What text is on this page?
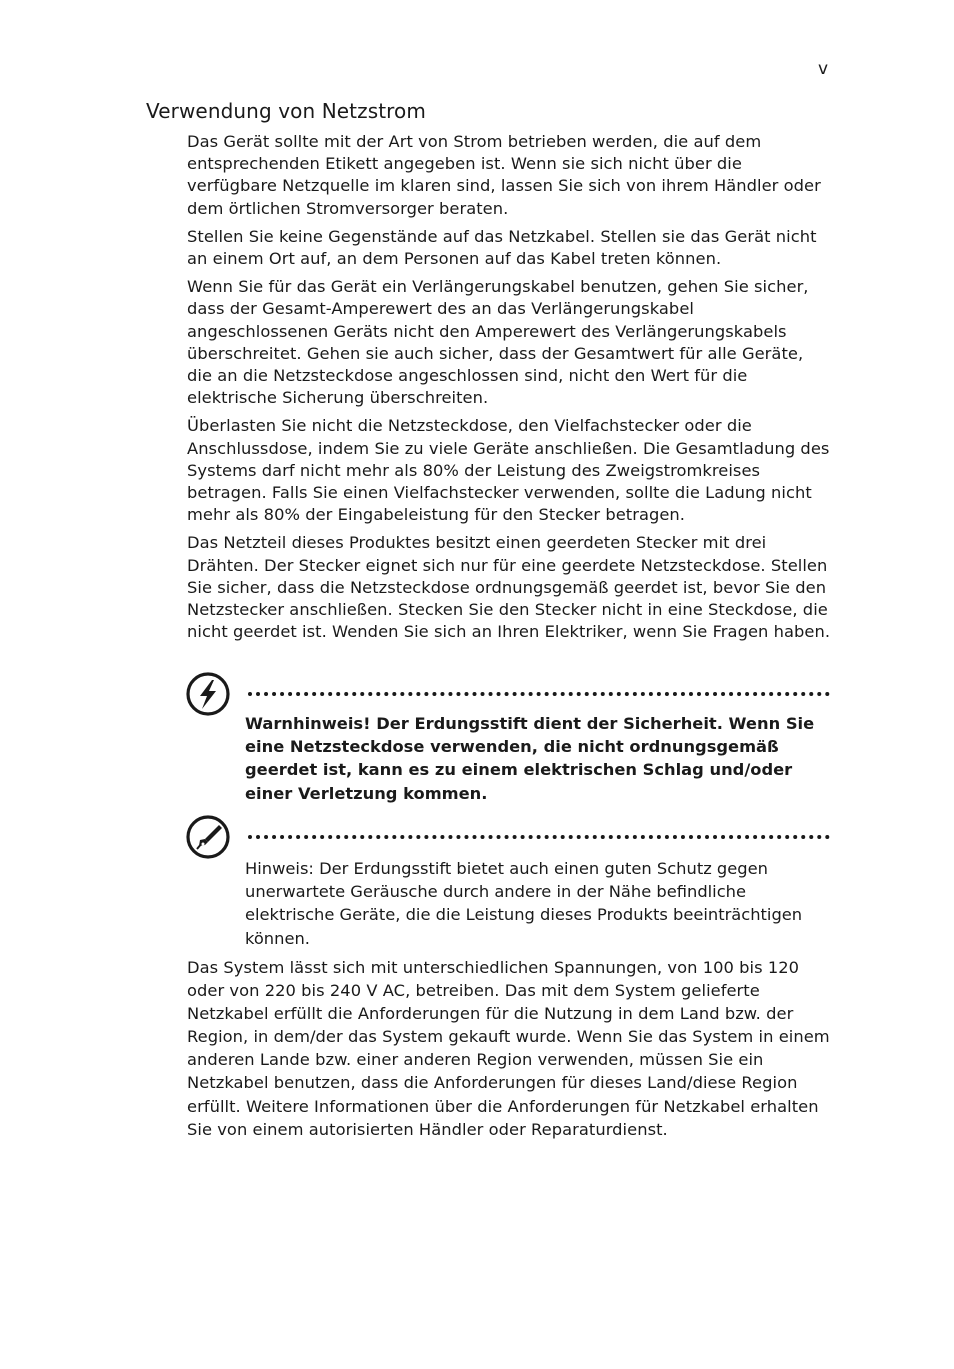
v
Verwendung von Netzstrom

Das Gerät sollte mit der Art von Strom betrieben werden, die auf dem entsprechenden Etikett angegeben ist. Wenn sie sich nicht über die verfügbare Netzquelle im klaren sind, lassen Sie sich von ihrem Händler oder dem örtlichen Stromversorger beraten.

Stellen Sie keine Gegenstände auf das Netzkabel. Stellen sie das Gerät nicht an einem Ort auf, an dem Personen auf das Kabel treten können.

Wenn Sie für das Gerät ein Verlängerungskabel benutzen, gehen Sie sicher, dass der Gesamt-Amperewert des an das Verlängerungskabel angeschlossenen Geräts nicht den Amperewert des Verlängerungskabels überschreitet. Gehen sie auch sicher, dass der Gesamtwert für alle Geräte, die an die Netzsteckdose angeschlossen sind, nicht den Wert für die elektrische Sicherung überschreiten.

Überlasten Sie nicht die Netzsteckdose, den Vielfachstecker oder die Anschlussdose, indem Sie zu viele Geräte anschließen. Die Gesamtladung des Systems darf nicht mehr als 80% der Leistung des Zweigstromkreises betragen. Falls Sie einen Vielfachstecker verwenden, sollte die Ladung nicht mehr als 80% der Eingabeleistung für den Stecker betragen.

Das Netzteil dieses Produktes besitzt einen geerdeten Stecker mit drei Drähten. Der Stecker eignet sich nur für eine geerdete Netzsteckdose. Stellen Sie sicher, dass die Netzsteckdose ordnungsgemäß geerdet ist, bevor Sie den Netzstecker anschließen. Stecken Sie den Stecker nicht in eine Steckdose, die nicht geerdet ist. Wenden Sie sich an Ihren Elektriker, wenn Sie Fragen haben.

Warnhinweis! Der Erdungsstift dient der Sicherheit. Wenn Sie eine Netzsteckdose verwenden, die nicht ordnungsgemäß geerdet ist, kann es zu einem elektrischen Schlag und/oder einer Verletzung kommen.

Hinweis: Der Erdungsstift bietet auch einen guten Schutz gegen unerwartete Geräusche durch andere in der Nähe befindliche elektrische Geräte, die die Leistung dieses Produkts beeinträchtigen können.

Das System lässt sich mit unterschiedlichen Spannungen, von 100 bis 120 oder von 220 bis 240 V AC, betreiben. Das mit dem System gelieferte Netzkabel erfüllt die Anforderungen für die Nutzung in dem Land bzw. der Region, in dem/der das System gekauft wurde. Wenn Sie das System in einem anderen Lande bzw. einer anderen Region verwenden, müssen Sie ein Netzkabel benutzen, dass die Anforderungen für dieses Land/diese Region erfüllt. Weitere Informationen über die Anforderungen für Netzkabel erhalten Sie von einem autorisierten Händler oder Reparaturdienst.
